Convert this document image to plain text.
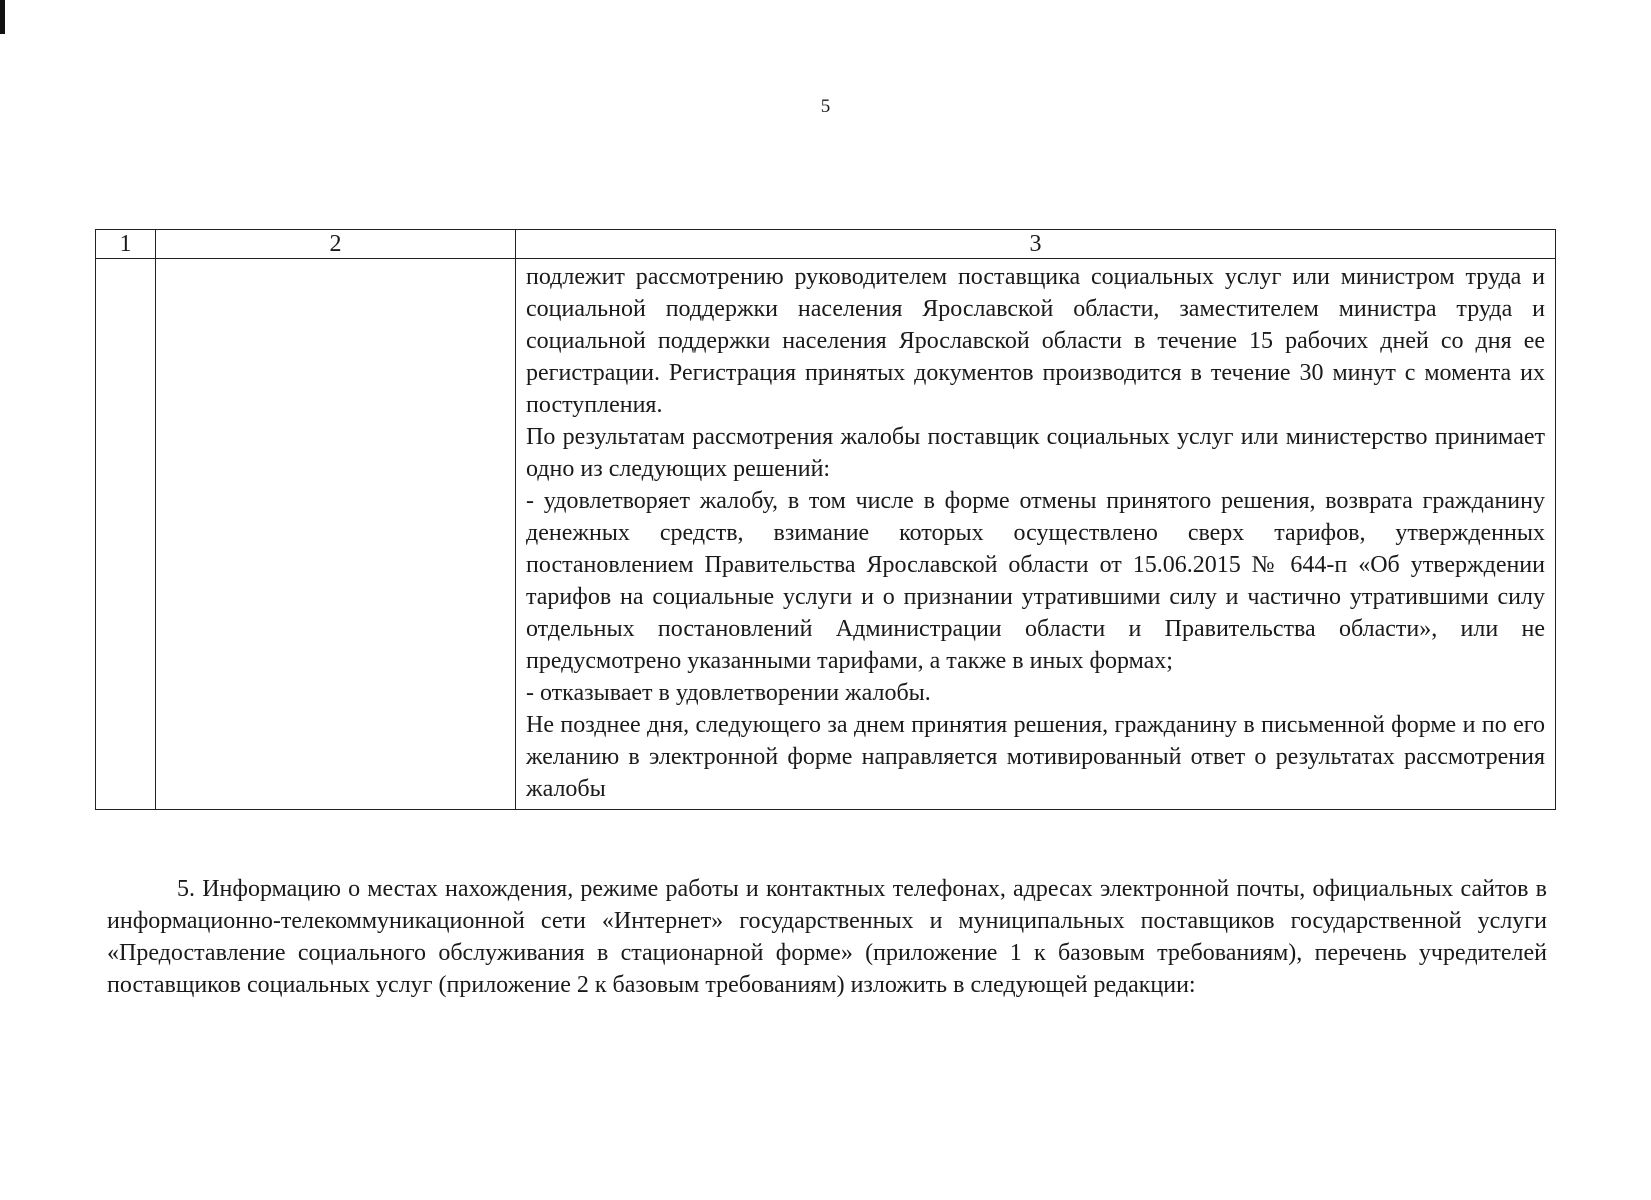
5
1	2	3

		подлежит рассмотрению руководителем поставщика социальных услуг или министром труда и социальной поддержки населения Ярославской области, заместителем министра труда и социальной поддержки населения Ярославской области в течение 15 рабочих дней со дня ее регистрации. Регистрация принятых документов производится в течение 30 минут с момента их поступления.

По результатам рассмотрения жалобы поставщик социальных услуг или министерство принимает одно из следующих решений:

- удовлетворяет жалобу, в том числе в форме отмены принятого решения, возврата гражданину денежных средств, взимание которых осуществлено сверх тарифов, утвержденных постановлением Правительства Ярославской области от 15.06.2015 № 644-п «Об утверждении тарифов на социальные услуги и о признании утратившими силу и частично утратившими силу отдельных постановлений Администрации области и Правительства области», или не предусмотрено указанными тарифами, а также в иных формах;

- отказывает в удовлетворении жалобы.

Не позднее дня, следующего за днем принятия решения, гражданину в письменной форме и по его желанию в электронной форме направляется мотивированный ответ о результатах рассмотрения жалобы

5. Информацию о местах нахождения, режиме работы и контактных телефонах, адресах электронной почты, официальных сайтов в информационно-телекоммуникационной сети «Интернет» государственных и муниципальных поставщиков государственной услуги «Предоставление социального обслуживания в стационарной форме» (приложение 1 к базовым требованиям), перечень учредителей поставщиков социальных услуг (приложение 2 к базовым требованиям) изложить в следующей редакции:
